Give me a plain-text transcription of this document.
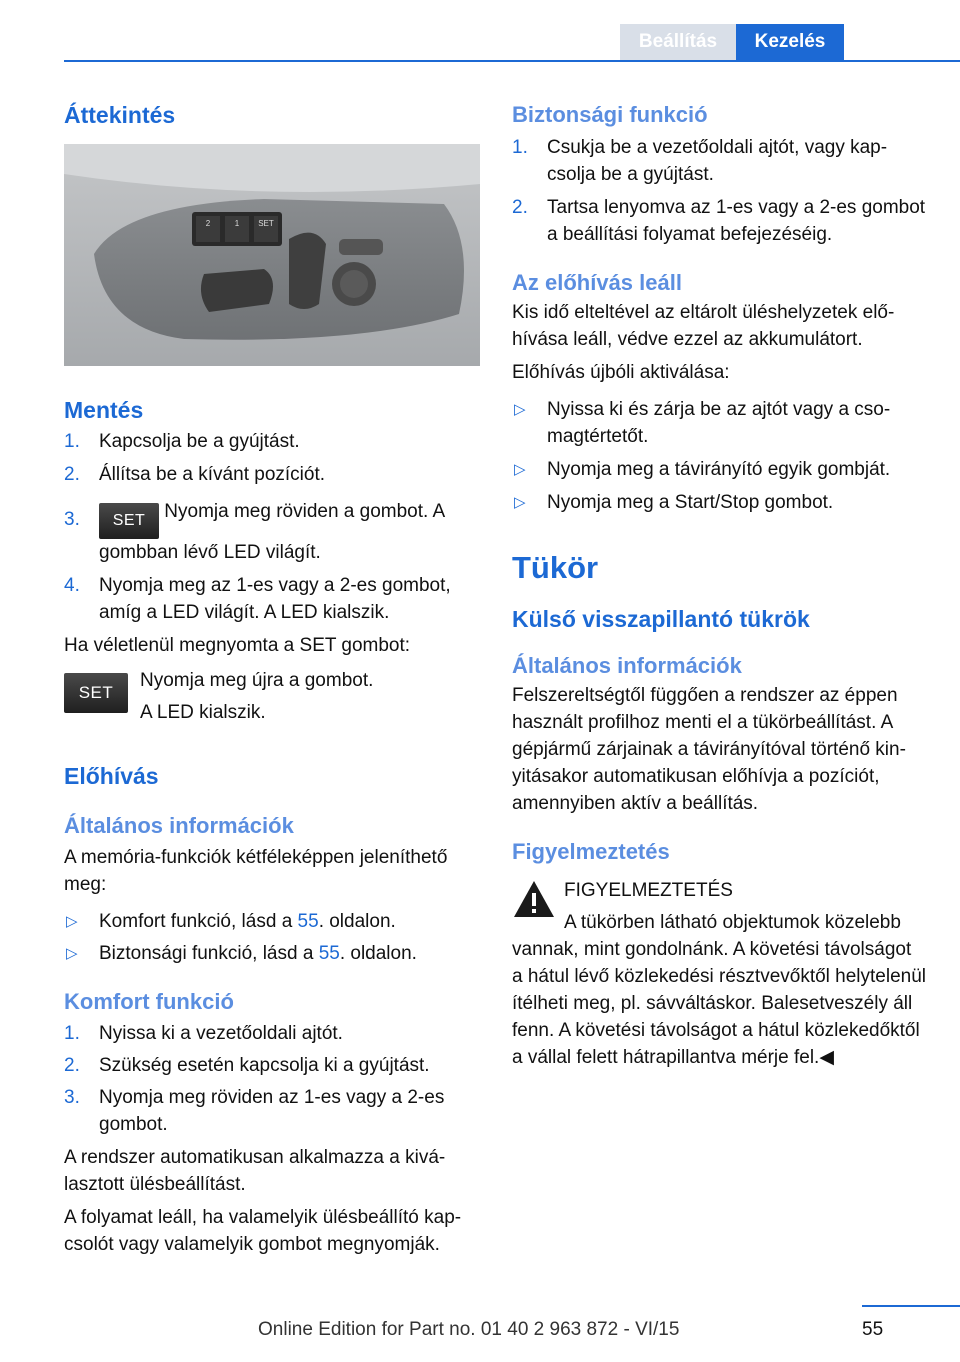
Beállítás	Kezelés
Áttekintés
2	1 SET
Mentés
1. Kapcsolja be a gyújtást.
2. Állítsa be a kívánt pozíciót.
3. SET Nyomja meg röviden a gombot. A gombban lévő LED világít.
4. Nyomja meg az 1-es vagy a 2-es gombot, amíg a LED világít. A LED kialszik.

Ha véletlenül megnyomta a SET gombot:

SET

Nyomja meg újra a gombot.

A LED kialszik.

Előhívás
Általános információk

A memória-funkciók kétféleképpen jeleníthető meg:

▷ Komfort funkció, lásd a 55. oldalon.
▷ Biztonsági funkció, lásd a 55. oldalon.
Komfort funkció
1. Nyissa ki a vezetőoldali ajtót.
2. Szükség esetén kapcsolja ki a gyújtást.
3. Nyomja meg röviden az 1-es vagy a 2-es gombot.

A rendszer automatikusan alkalmazza a kiválasztott ülésbeállítást.

A folyamat leáll, ha valamelyik ülésbeállító kapcsolót vagy valamelyik gombot megnyomják.

Biztonsági funkció
1. Csukja be a vezetőoldali ajtót, vagy kapcsolja be a gyújtást.
2. Tartsa lenyomva az 1-es vagy a 2-es gombot a beállítási folyamat befejezéséig.
Az előhívás leáll

Kis idő elteltével az eltárolt üléshelyzetek előhívása leáll, védve ezzel az akkumulátort.

Előhívás újbóli aktiválása:

▷ Nyissa ki és zárja be az ajtót vagy a csomagtértetőt.
▷ Nyomja meg a távirányító egyik gombját.
▷ Nyomja meg a Start/Stop gombot.
Tükör
Külső visszapillantó tükrök
Általános információk

Felszereltségtől függően a rendszer az éppen használt profilhoz menti el a tükörbeállítást. A gépjármű zárjainak a távirányítóval történő kinyitásakor automatikusan előhívja a pozíciót, amennyiben aktív a beállítás.

Figyelmeztetés

FIGYELMEZTETÉS

A tükörben látható objektumok közelebb

vannak, mint gondolnánk. A követési távolságot a hátul lévő közlekedési résztvevőktől helytelenül ítélheti meg, pl. sávváltáskor. Balesetveszély áll fenn. A követési távolságot a hátul közlekedőktől a vállal felett hátrapillantva mérje fel.◀

55
Online Edition for Part no. 01 40 2 963 872 - VI/15
